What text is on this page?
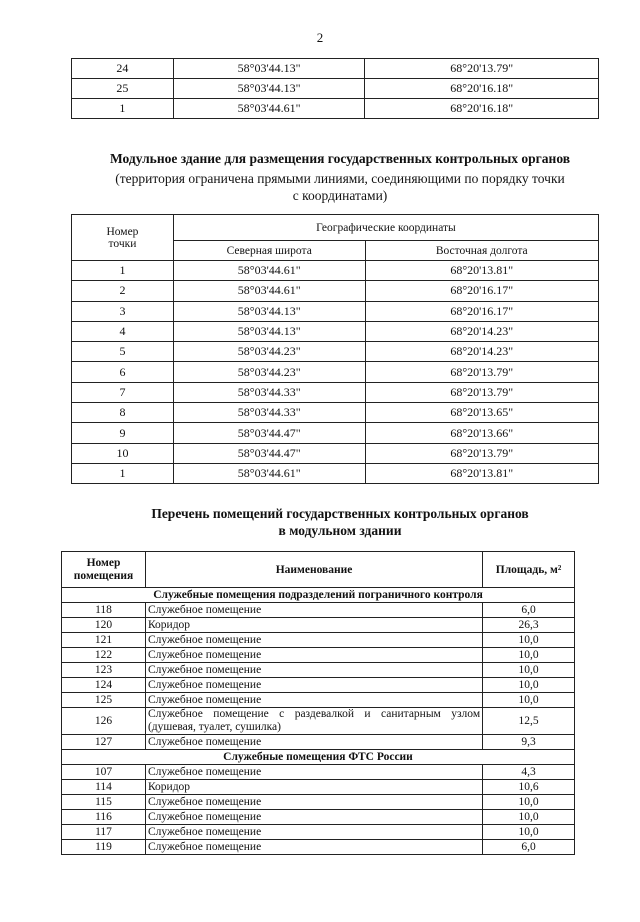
2
24	58°03'44.13"	68°20'13.79"
25	58°03'44.13"	68°20'16.18"
1	58°03'44.61"	68°20'16.18"
Модульное здание для размещения государственных контрольных органов
(территория ограничена прямыми линиями, соединяющими по порядку точки
с координатами)
Номер точки	Географические координаты	
	Северная широта	Восточная долгота
1	58°03'44.61"	68°20'13.81"
2	58°03'44.61"	68°20'16.17"
3	58°03'44.13"	68°20'16.17"
4	58°03'44.13"	68°20'14.23"
5	58°03'44.23"	68°20'14.23"
6	58°03'44.23"	68°20'13.79"
7	58°03'44.33"	68°20'13.79"
8	58°03'44.33"	68°20'13.65"
9	58°03'44.47"	68°20'13.66"
10	58°03'44.47"	68°20'13.79"
1	58°03'44.61"	68°20'13.81"
Перечень помещений государственных контрольных органов
в модульном здании
Номер помещения	Наименование	Площадь, м²
Служебные помещения подразделений пограничного контроля		
118	Служебное помещение	6,0
120	Коридор	26,3
121	Служебное помещение	10,0
122	Служебное помещение	10,0
123	Служебное помещение	10,0
124	Служебное помещение	10,0
125	Служебное помещение	10,0
126	Служебное помещение с раздевалкой и санитарным узлом (душевая, туалет, сушилка)	12,5
127	Служебное помещение	9,3
Служебные помещения ФТС России		
107	Служебное помещение	4,3
114	Коридор	10,6
115	Служебное помещение	10,0
116	Служебное помещение	10,0
117	Служебное помещение	10,0
119	Служебное помещение	6,0
